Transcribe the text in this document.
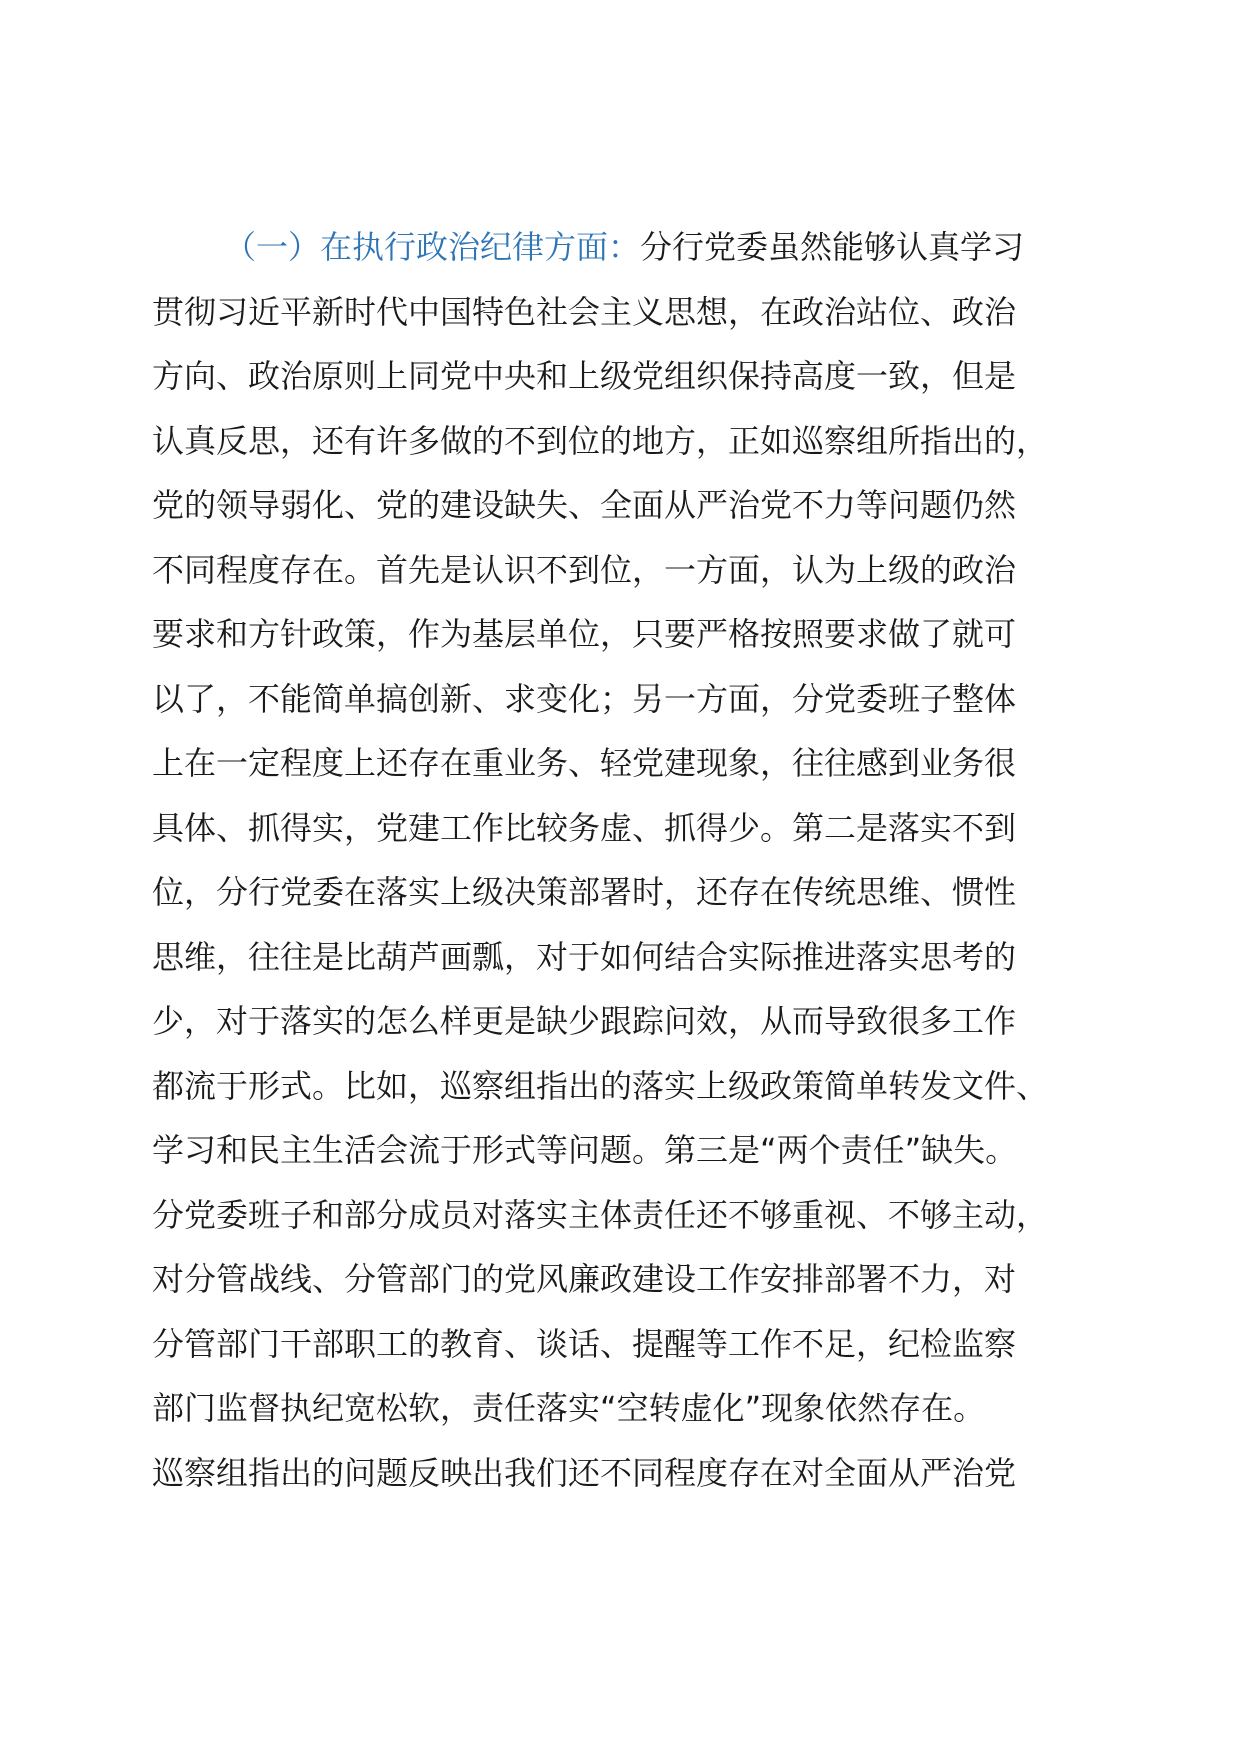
（一）在执行政治纪律方面：分行党委虽然能够认真学习
贯彻习近平新时代中国特色社会主义思想，在政治站位、政治
方向、政治原则上同党中央和上级党组织保持高度一致，但是
认真反思，还有许多做的不到位的地方，正如巡察组所指出的，
党的领导弱化、党的建设缺失、全面从严治党不力等问题仍然
不同程度存在。首先是认识不到位，一方面，认为上级的政治
要求和方针政策，作为基层单位，只要严格按照要求做了就可
以了，不能简单搞创新、求变化；另一方面，分党委班子整体
上在一定程度上还存在重业务、轻党建现象，往往感到业务很
具体、抓得实，党建工作比较务虚、抓得少。第二是落实不到
位，分行党委在落实上级决策部署时，还存在传统思维、惯性
思维，往往是比葫芦画瓢，对于如何结合实际推进落实思考的
少，对于落实的怎么样更是缺少跟踪问效，从而导致很多工作
都流于形式。比如，巡察组指出的落实上级政策简单转发文件、
学习和民主生活会流于形式等问题。第三是“两个责任”缺失。
分党委班子和部分成员对落实主体责任还不够重视、不够主动，
对分管战线、分管部门的党风廉政建设工作安排部署不力，对
分管部门干部职工的教育、谈话、提醒等工作不足，纪检监察
部门监督执纪宽松软，责任落实“空转虚化”现象依然存在。
巡察组指出的问题反映出我们还不同程度存在对全面从严治党
